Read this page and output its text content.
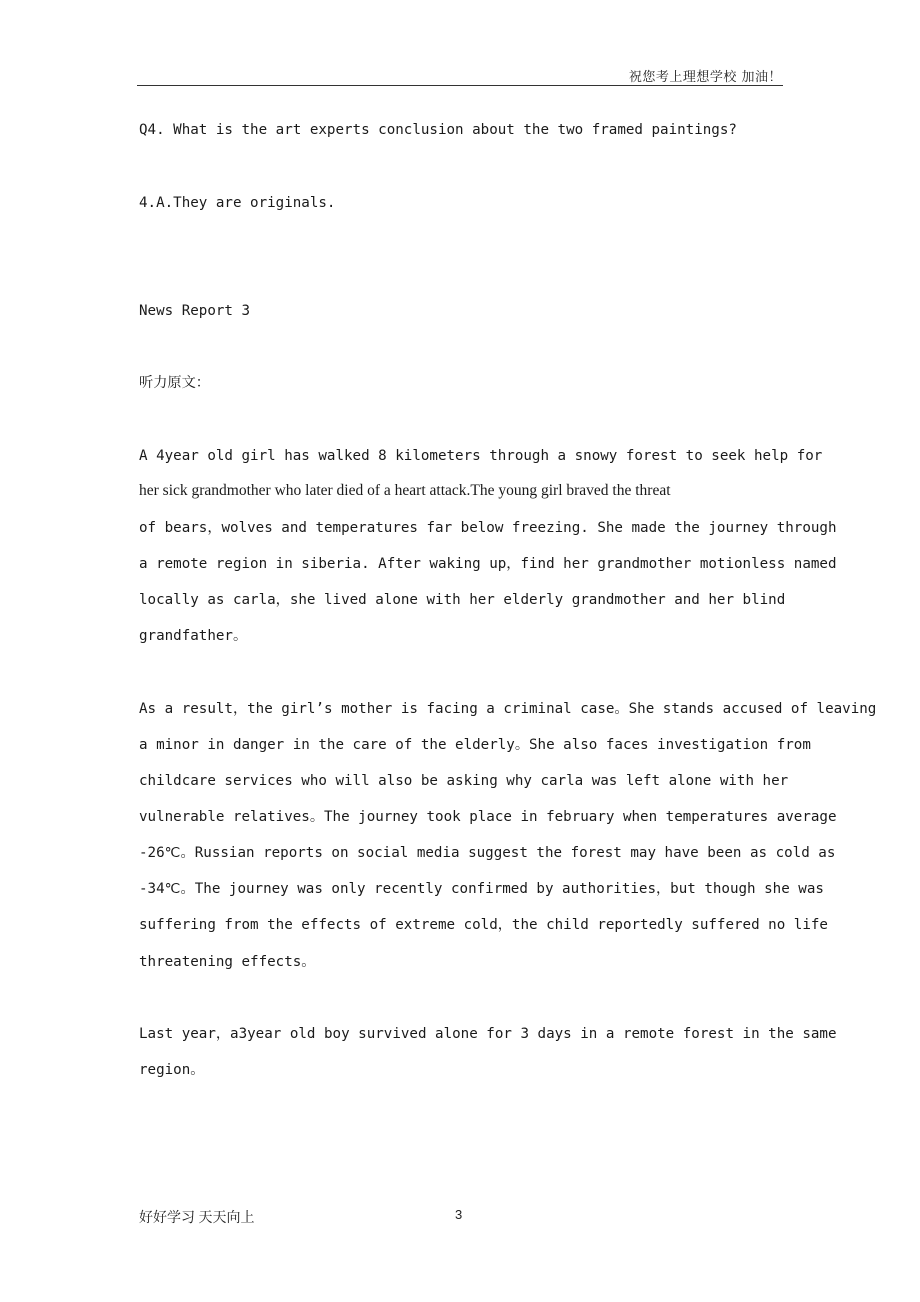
祝您考上理想学校 加油！

Q4. What is the art experts conclusion about the two framed paintings?

4.A.They are originals.

News Report 3

听力原文：

A 4year old girl has walked 8 kilometers through a snowy forest to seek help for

her sick grandmother who later died of a heart attack.The young girl braved the threat

of bears，wolves and temperatures far below freezing. She made the journey through

a remote region in siberia. After waking up，find her grandmother motionless named

locally as carla，she lived alone with her elderly grandmother and her blind

grandfather。

As a result，the girl’s mother is facing a criminal case。She stands accused of leaving

a minor in danger in the care of the elderly。She also faces investigation from

childcare services who will also be asking why carla was left alone with her

vulnerable relatives。The journey took place in february when temperatures average

-26℃。Russian reports on social media suggest the forest may have been as cold as

-34℃。The journey was only recently confirmed by authorities，but though she was

suffering from the effects of extreme cold，the child reportedly suffered no life

threatening effects。

Last year，a3year old boy survived alone for 3 days in a remote forest in the same

region。

好好学习 天天向上	3
